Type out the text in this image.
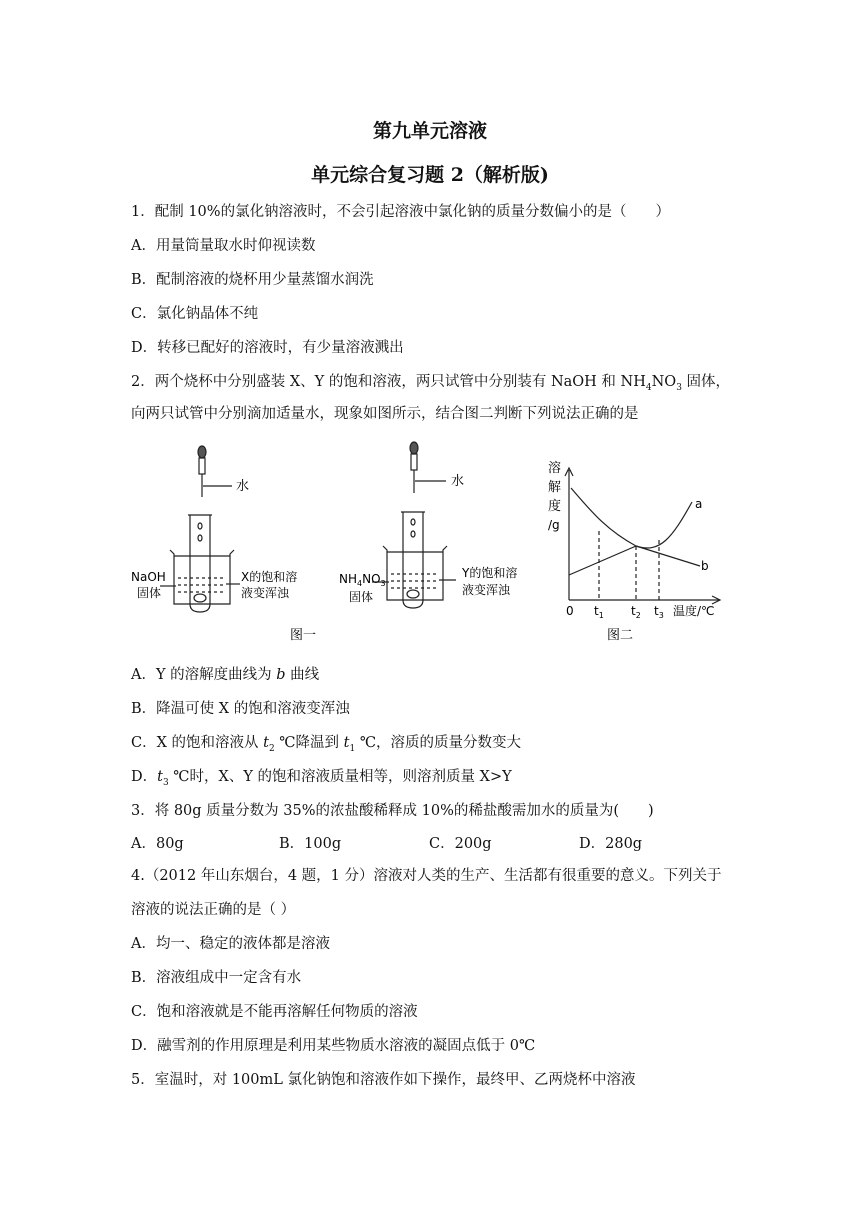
第九单元溶液
单元综合复习题 2（解析版)
1．配制 10%的氯化钠溶液时，不会引起溶液中氯化钠的质量分数偏小的是（　　）
A．用量筒量取水时仰视读数
B．配制溶液的烧杯用少量蒸馏水润洗
C．氯化钠晶体不纯
D．转移已配好的溶液时，有少量溶液溅出
2．两个烧杯中分别盛装 X、Y 的饱和溶液，两只试管中分别装有 NaOH 和 $NH_4NO_3$ 固体，
向两只试管中分别滴加适量水，现象如图所示，结合图二判断下列说法正确的是
水
NaOH
固体
X的饱和溶
液变浑浊
水
$NH_4NO_3$
固体
Y的饱和溶
液变浑浊
图一
溶
解
度
/g
a
b
0 $t_1$ $t_2$ $t_3$ 温度/℃
图二
A．Y 的溶解度曲线为 b 曲线
B．降温可使 X 的饱和溶液变浑浊
C．X 的饱和溶液从 $t_2$ ℃降温到 $t_1$ ℃，溶质的质量分数变大
D．$t_3$ ℃时，X、Y 的饱和溶液质量相等，则溶剂质量 X>Y
3．将 80g 质量分数为 35%的浓盐酸稀释成 10%的稀盐酸需加水的质量为(　　)
A．80g	B．100g	C．200g	D．280g
4.（2012 年山东烟台，4 题，1 分）溶液对人类的生产、生活都有很重要的意义。下列关于
溶液的说法正确的是（ ）
A．均一、稳定的液体都是溶液
B．溶液组成中一定含有水
C．饱和溶液就是不能再溶解任何物质的溶液
D．融雪剂的作用原理是利用某些物质水溶液的凝固点低于 0℃
5．室温时，对 100mL 氯化钠饱和溶液作如下操作，最终甲、乙两烧杯中溶液
